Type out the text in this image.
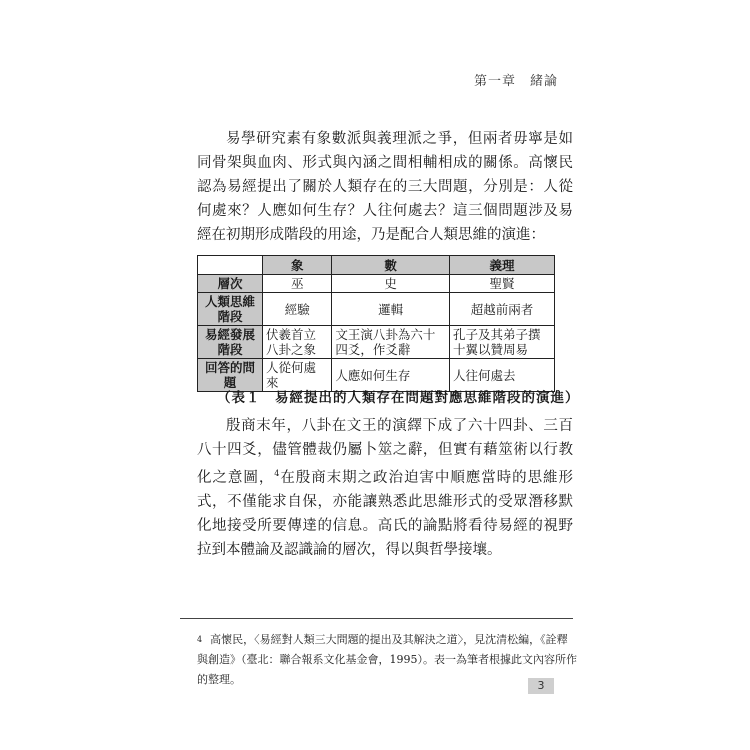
第一章　緒論

易學研究素有象數派與義理派之爭，但兩者毋寧是如同骨架與血肉、形式與內涵之間相輔相成的關係。高懷民認為易經提出了關於人類存在的三大問題，分別是：人從何處來？人應如何生存？人往何處去？這三個問題涉及易經在初期形成階段的用途，乃是配合人類思維的演進：

	象	數	義理
層次	巫	史	聖賢
人類思維階段	經驗	邏輯	超越前兩者
易經發展階段	伏羲首立八卦之象	文王演八卦為六十四爻，作爻辭	孔子及其弟子撰十翼以贊周易
回答的問題	人從何處來	人應如何生存	人往何處去
（表１　易經提出的人類存在問題對應思維階段的演進）

殷商末年，八卦在文王的演繹下成了六十四卦、三百八十四爻，儘管體裁仍屬卜筮之辭，但實有藉筮術以行教化之意圖，$^4$在殷商末期之政治迫害中順應當時的思維形式，不僅能求自保，亦能讓熟悉此思維形式的受眾潛移默化地接受所要傳達的信息。高氏的論點將看待易經的視野拉到本體論及認識論的層次，得以與哲學接壤。

$^4$ 高懷民，〈易經對人類三大問題的提出及其解決之道〉，見沈清松編，《詮釋與創造》（臺北：聯合報系文化基金會，1995）。表一為筆者根據此文內容所作的整理。	3
